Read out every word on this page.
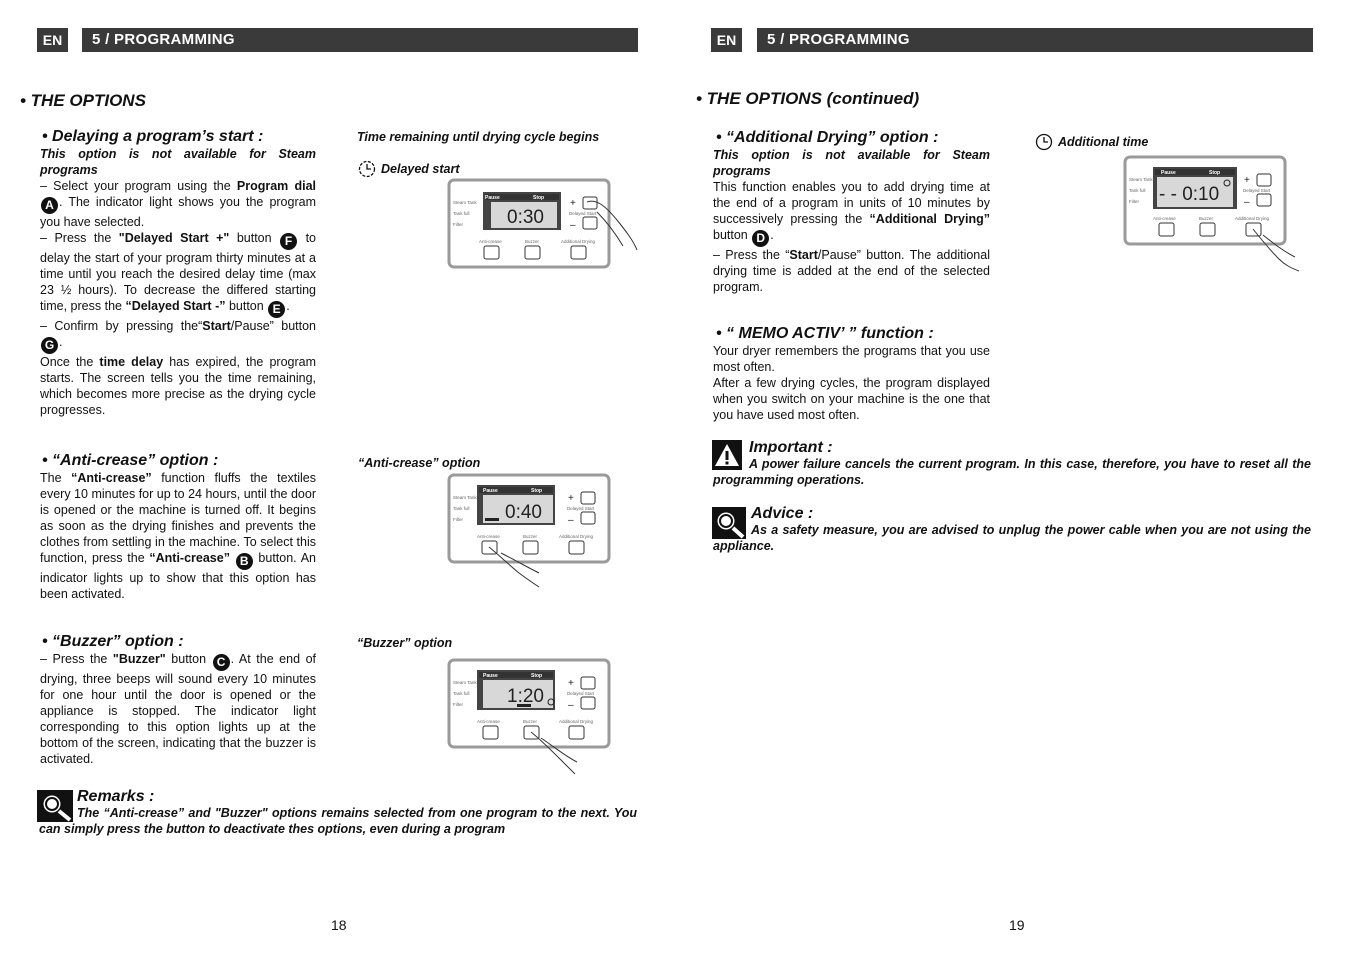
EN	5 / PROGRAMMING
• THE OPTIONS
• Delaying a program’s start :
This option is not available for Steam programs
– Select your program using the Program dial A . The indicator light shows you the program you have selected.
– Press the "Delayed Start +" button F to delay the start of your program thirty minutes at a time until you reach the desired delay time (max 23 ½ hours). To decrease the differed starting time, press the “Delayed Start -” button E .
– Confirm by pressing the“Start/Pause” button G .
Once the time delay has expired, the program starts. The screen tells you the time remaining, which becomes more precise as the drying cycle progresses.
Time remaining until drying cycle begins
Delayed start
Pause	Stop
0:30
Steam Tank
Tank full
Filter
+
Delayed Start
–
Anti-crease	Buzzer	Additional Drying
• “Anti-crease” option :
The “Anti-crease” function fluffs the textiles every 10 minutes for up to 24 hours, until the door is opened or the machine is turned off. It begins as soon as the drying finishes and prevents the clothes from settling in the machine. To select this function, press the “Anti-crease” B button. An indicator lights up to show that this option has been activated.
“Anti-crease” option
Pause	Stop
0:40
Steam Tank
Tank full
Filter
+
Delayed Start
–
Anti-crease	Buzzer	Additional Drying
• “Buzzer” option :
– Press the "Buzzer" button C . At the end of drying, three beeps will sound every 10 minutes for one hour until the door is opened or the appliance is stopped. The indicator light corresponding to this option lights up at the bottom of the screen, indicating that the buzzer is activated.
“Buzzer” option
Pause	Stop
1:20
Steam Tank
Tank full
Filter
+
Delayed Start
–
Anti-crease	Buzzer	Additional Drying
Remarks :
The “Anti-crease” and "Buzzer" options remains selected from one program to the next. You can simply press the button to deactivate thes options, even during a program
18
EN	5 / PROGRAMMING
• THE OPTIONS (continued)
• “Additional Drying” option :
This option is not available for Steam programs
This function enables you to add drying time at the end of a program in units of 10 minutes by successively pressing the “Additional Drying” button D .
– Press the “Start/Pause” button. The additional drying time is added at the end of the selected program.
Additional time
Pause	Stop
- - 0:10
Steam Tank
Tank full
Filter
+
Delayed Start
–
Anti-crease	Buzzer	Additional Drying
• “ MEMO ACTIV’ ” function :
Your dryer remembers the programs that you use most often.
After a few drying cycles, the program displayed when you switch on your machine is the one that you have used most often.
Important :
A power failure cancels the current program. In this case, therefore, you have to reset all the programming operations.
Advice :
As a safety measure, you are advised to unplug the power cable when you are not using the appliance.
19
